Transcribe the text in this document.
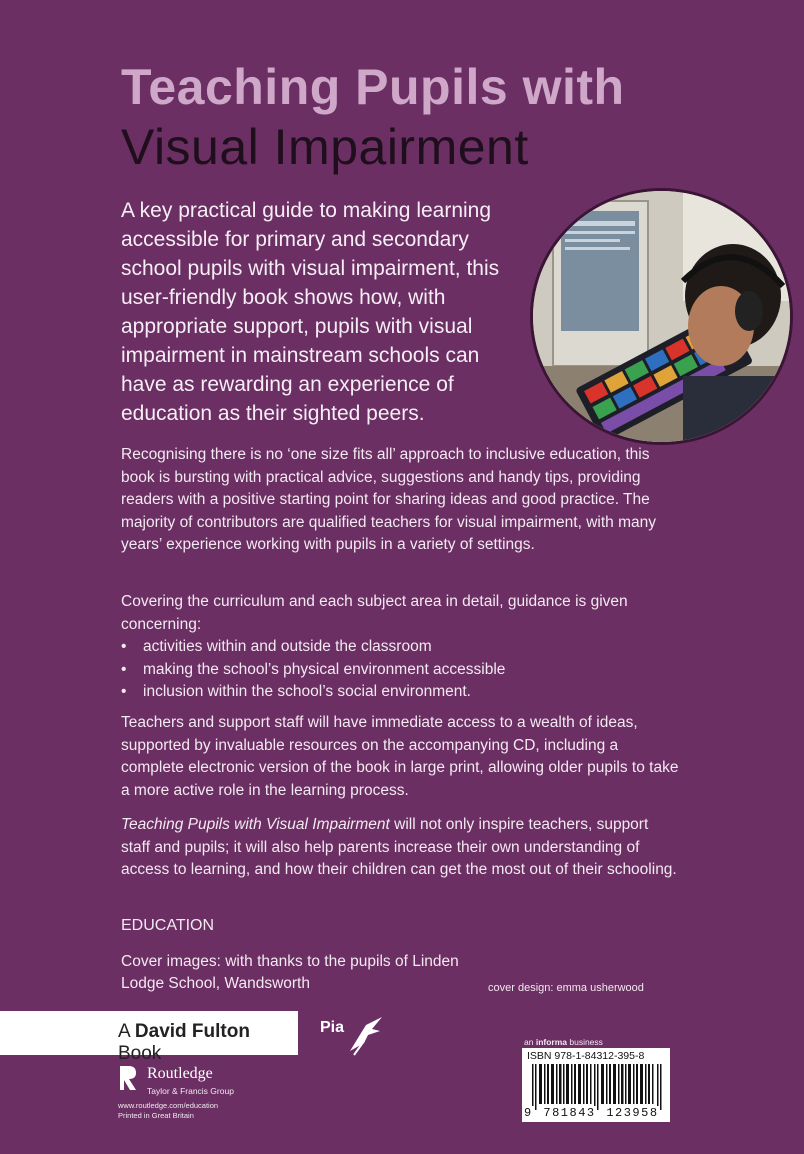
Teaching Pupils with
Visual Impairment
A key practical guide to making learning accessible for primary and secondary school pupils with visual impairment, this user-friendly book shows how, with appropriate support, pupils with visual impairment in mainstream schools can have as rewarding an experience of education as their sighted peers.

Recognising there is no ‘one size fits all’ approach to inclusive education, this book is bursting with practical advice, suggestions and handy tips, providing readers with a positive starting point for sharing ideas and good practice. The majority of contributors are qualified teachers for visual impairment, with many years’ experience working with pupils in a variety of settings.

Covering the curriculum and each subject area in detail, guidance is given concerning:

• activities within and outside the classroom
• making the school’s physical environment accessible
• inclusion within the school’s social environment.

Teachers and support staff will have immediate access to a wealth of ideas, supported by invaluable resources on the accompanying CD, including a complete electronic version of the book in large print, allowing older pupils to take a more active role in the learning process.

Teaching Pupils with Visual Impairment will not only inspire teachers, support staff and pupils; it will also help parents increase their own understanding of access to learning, and how their children can get the most out of their schooling.

EDUCATION
Cover images: with thanks to the pupils of Linden Lodge School, Wandsworth	cover design: emma usherwood
A David Fulton Book
Pia
Routledge
Taylor & Francis Group
www.routledge.com/education
Printed in Great Britain
an informa business
ISBN 978-1-84312-395-8
9 781843 123958
